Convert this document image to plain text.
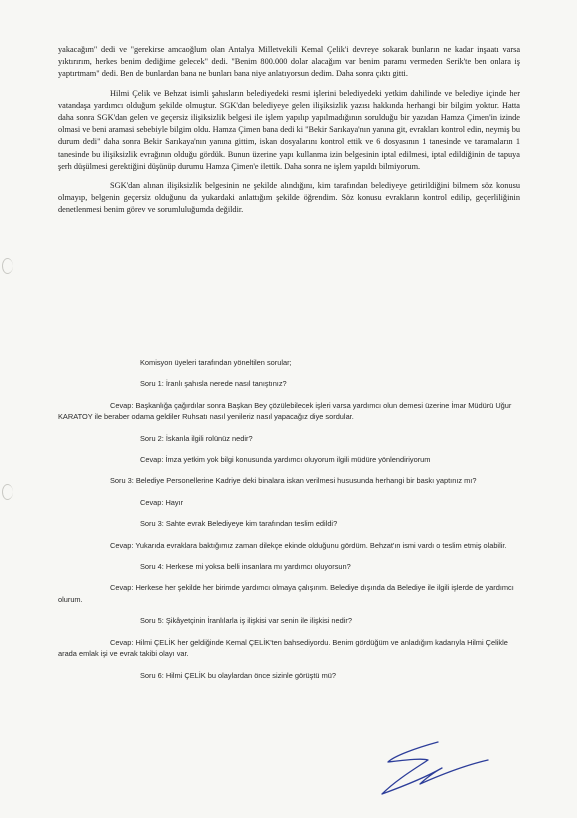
yakacağım" dedi ve "gerekirse amcaoğlum olan Antalya Milletvekili Kemal Çelik'i devreye sokarak bunların ne kadar inşaatı varsa yıktırırım, herkes benim dediğime gelecek" dedi. "Benim 800.000 dolar alacağım var benim paramı vermeden Serik'te ben onlara iş yaptırtmam" dedi. Ben de bunlardan bana ne bunları bana niye anlatıyorsun dedim. Daha sonra çıktı gitti.

Hilmi Çelik ve Behzat isimli şahısların belediyedeki resmi işlerini belediyedeki yetkim dahilinde ve belediye içinde her vatandaşa yardımcı olduğum şekilde olmuştur. SGK'dan belediyeye gelen ilişiksizlik yazısı hakkında herhangi bir bilgim yoktur. Hatta daha sonra SGK'dan gelen ve geçersiz ilişiksizlik belgesi ile işlem yapılıp yapılmadığının sorulduğu bir yazıdan Hamza Çimen'in izinde olmasi ve beni aramasi sebebiyle bilgim oldu. Hamza Çimen bana dedi ki "Bekir Sarıkaya'nın yanına git, evrakları kontrol edin, neymiş bu durum dedi" daha sonra Bekir Sarıkaya'nın yanına gittim, iskan dosyalarını kontrol ettik ve 6 dosyasının 1 tanesinde ve taramaların 1 tanesinde bu ilişiksizlik evrağının olduğu gördük. Bunun üzerine yapı kullanma izin belgesinin iptal edilmesi, iptal edildiğinin de tapuya şerh düşülmesi gerektiğini düşünüp durumu Hamza Çimen'e ilettik. Daha sonra ne işlem yapıldı bilmiyorum.

SGK'dan alınan ilişiksizlik belgesinin ne şekilde alındığını, kim tarafından belediyeye getirildiğini bilmem söz konusu olmayıp, belgenin geçersiz olduğunu da yukardaki anlattığım şekilde öğrendim. Söz konusu evrakların kontrol edilip, geçerliliğinin denetlenmesi benim görev ve sorumluluğumda değildir.

Komisyon üyeleri tarafından yöneltilen sorular;

Soru 1: İranlı şahısla nerede nasıl tanıştınız?

Cevap: Başkanlığa çağırdılar sonra Başkan Bey çözülebilecek işleri varsa yardımcı olun demesi üzerine İmar Müdürü Uğur KARATOY ile beraber odama geldiler Ruhsatı nasıl yenileriz nasıl yapacağız diye sordular.

Soru 2: İskanla ilgili rolünüz nedir?

Cevap: İmza yetkim yok bilgi konusunda yardımcı oluyorum ilgili müdüre yönlendiriyorum

Soru 3: Belediye Personellerine Kadriye deki binalara iskan verilmesi hususunda herhangi bir baskı yaptınız mı?

Cevap: Hayır

Soru 3: Sahte evrak Belediyeye kim tarafından teslim edildi?

Cevap: Yukarıda evraklara baktığımız zaman dilekçe ekinde olduğunu gördüm. Behzat'ın ismi vardı o teslim etmiş olabilir.

Soru 4: Herkese mi yoksa belli insanlara mı yardımcı oluyorsun?

Cevap: Herkese her şekilde her birimde yardımcı olmaya çalışırım. Belediye dışında da Belediye ile ilgili işlerde de yardımcı olurum.

Soru 5: Şikâyetçinin İranlılarla iş ilişkisi var senin ile ilişkisi nedir?

Cevap: Hilmi ÇELİK her geldiğinde Kemal ÇELİK'ten bahsediyordu. Benim gördüğüm ve anladığım kadarıyla Hilmi Çelikle arada emlak işi ve evrak takibi olayı var.

Soru 6: Hilmi ÇELİK bu olaylardan önce sizinle görüştü mü?
